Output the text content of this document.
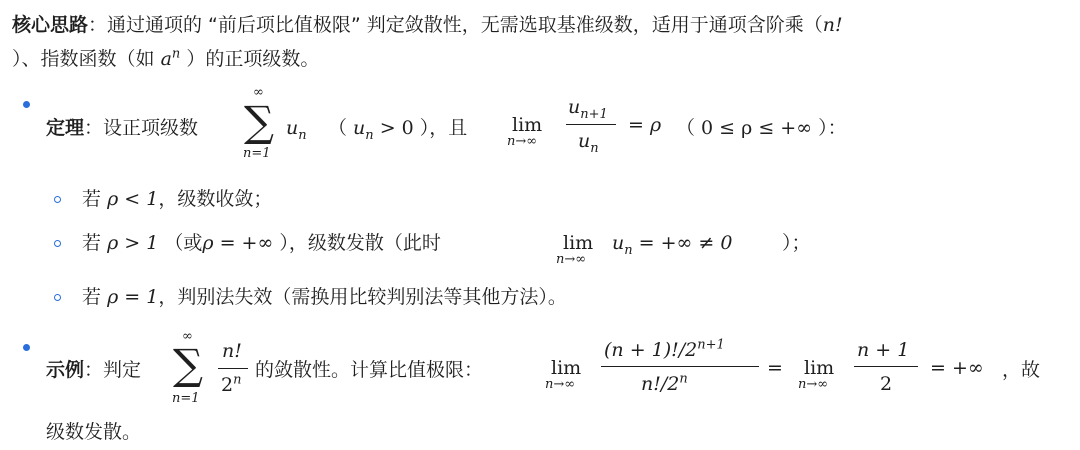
核心思路：通过通项的 “前后项比值极限” 判定敛散性，无需选取基准级数，适用于通项含阶乘（n!
）、指数函数（如 $a^n$ ）的正项级数。
定理：设正项级数
∞
∑
n=1
$u_n$ （ $u_n > 0$ ），且 lim
n→∞
$u_{n+1}$
$u_n$
= ρ （ 0 ≤ ρ ≤ +∞ ）：
若 ρ < 1，级数收敛；
若 ρ > 1 （或ρ = +∞ ），级数发散（此时	lim
n→∞
$u_n$ = +∞ ≠ 0	）；
若 ρ = 1，判别法失效（需换用比较判别法等其他方法）。
示例：判定
∞
∑
n=1
n!
2$^n$ 的敛散性。计算比值极限：	lim
n→∞
$(n + 1)!/2^{n+1}$
$n!/2^n$
= lim
n→∞
n + 1
2
= +∞ ，故
级数发散。
